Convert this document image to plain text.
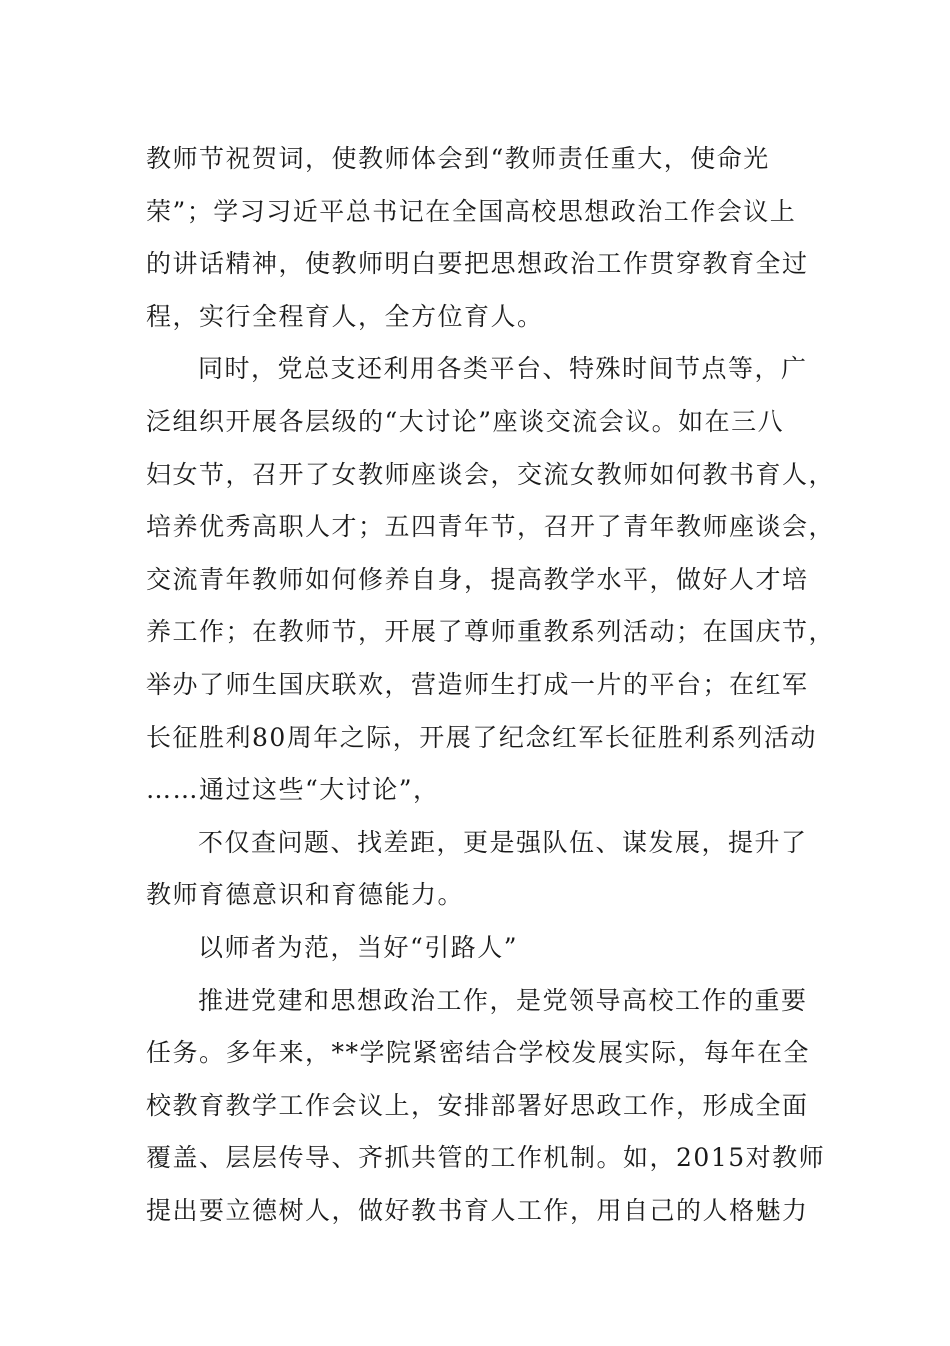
教师节祝贺词，使教师体会到“教师责任重大，使命光
荣”；学习习近平总书记在全国高校思想政治工作会议上
的讲话精神，使教师明白要把思想政治工作贯穿教育全过
程，实行全程育人，全方位育人。
同时，党总支还利用各类平台、特殊时间节点等，广
泛组织开展各层级的“大讨论”座谈交流会议。如在三八
妇女节，召开了女教师座谈会，交流女教师如何教书育人，
培养优秀高职人才；五四青年节，召开了青年教师座谈会，
交流青年教师如何修养自身，提高教学水平，做好人才培
养工作；在教师节，开展了尊师重教系列活动；在国庆节，
举办了师生国庆联欢，营造师生打成一片的平台；在红军
长征胜利80周年之际，开展了纪念红军长征胜利系列活动
……通过这些“大讨论”，
不仅查问题、找差距，更是强队伍、谋发展，提升了
教师育德意识和育德能力。
以师者为范，当好“引路人”
推进党建和思想政治工作，是党领导高校工作的重要
任务。多年来，**学院紧密结合学校发展实际，每年在全
校教育教学工作会议上，安排部署好思政工作，形成全面
覆盖、层层传导、齐抓共管的工作机制。如，2015对教师
提出要立德树人，做好教书育人工作，用自己的人格魅力
